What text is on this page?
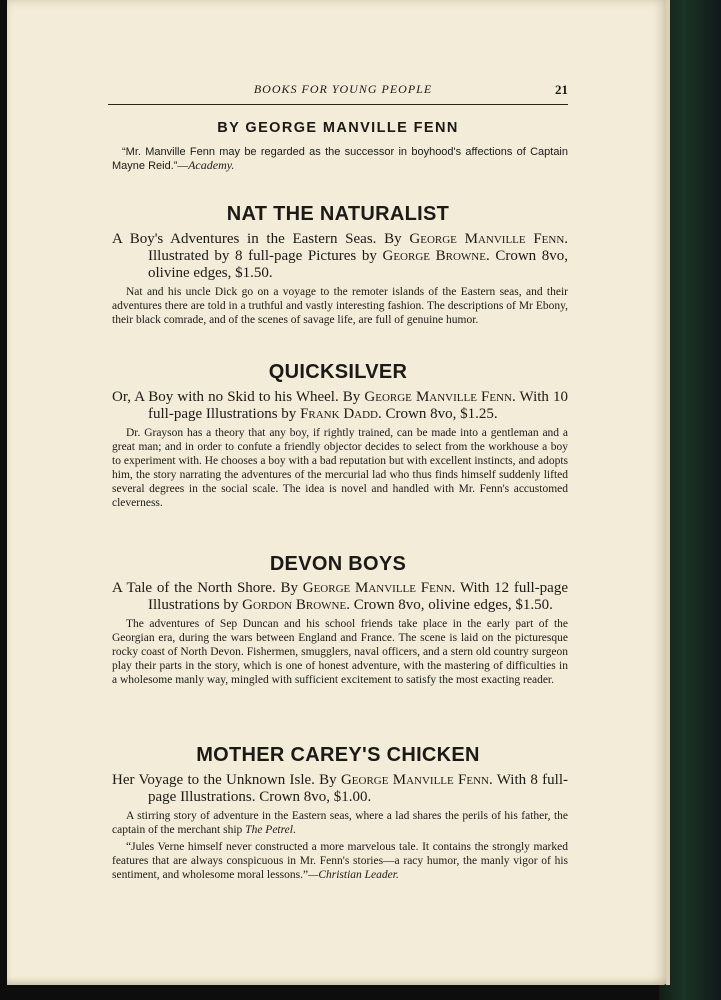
BOOKS FOR YOUNG PEOPLE	21
BY GEORGE MANVILLE FENN
“Mr. Manville Fenn may be regarded as the successor in boyhood's affections of Captain Mayne Reid.”—Academy.
NAT THE NATURALIST
A Boy's Adventures in the Eastern Seas. By George Manville Fenn. Illustrated by 8 full-page Pictures by George Browne. Crown 8vo, olivine edges, $1.50.
Nat and his uncle Dick go on a voyage to the remoter islands of the Eastern seas, and their adventures there are told in a truthful and vastly interesting fashion. The descriptions of Mr Ebony, their black comrade, and of the scenes of savage life, are full of genuine humor.
QUICKSILVER
Or, A Boy with no Skid to his Wheel. By George Manville Fenn. With 10 full-page Illustrations by Frank Dadd. Crown 8vo, $1.25.
Dr. Grayson has a theory that any boy, if rightly trained, can be made into a gentleman and a great man; and in order to confute a friendly objector decides to select from the workhouse a boy to experiment with. He chooses a boy with a bad reputation but with excellent instincts, and adopts him, the story narrating the adventures of the mercurial lad who thus finds himself suddenly lifted several degrees in the social scale. The idea is novel and handled with Mr. Fenn's accustomed cleverness.
DEVON BOYS
A Tale of the North Shore. By George Manville Fenn. With 12 full-page Illustrations by Gordon Browne. Crown 8vo, olivine edges, $1.50.
The adventures of Sep Duncan and his school friends take place in the early part of the Georgian era, during the wars between England and France. The scene is laid on the picturesque rocky coast of North Devon. Fishermen, smugglers, naval officers, and a stern old country surgeon play their parts in the story, which is one of honest adventure, with the mastering of difficulties in a wholesome manly way, mingled with sufficient excitement to satisfy the most exacting reader.
MOTHER CAREY'S CHICKEN
Her Voyage to the Unknown Isle. By George Manville Fenn. With 8 full-page Illustrations. Crown 8vo, $1.00.
A stirring story of adventure in the Eastern seas, where a lad shares the perils of his father, the captain of the merchant ship The Petrel.
“Jules Verne himself never constructed a more marvelous tale. It contains the strongly marked features that are always conspicuous in Mr. Fenn's stories—a racy humor, the manly vigor of his sentiment, and wholesome moral lessons.”—Christian Leader.
